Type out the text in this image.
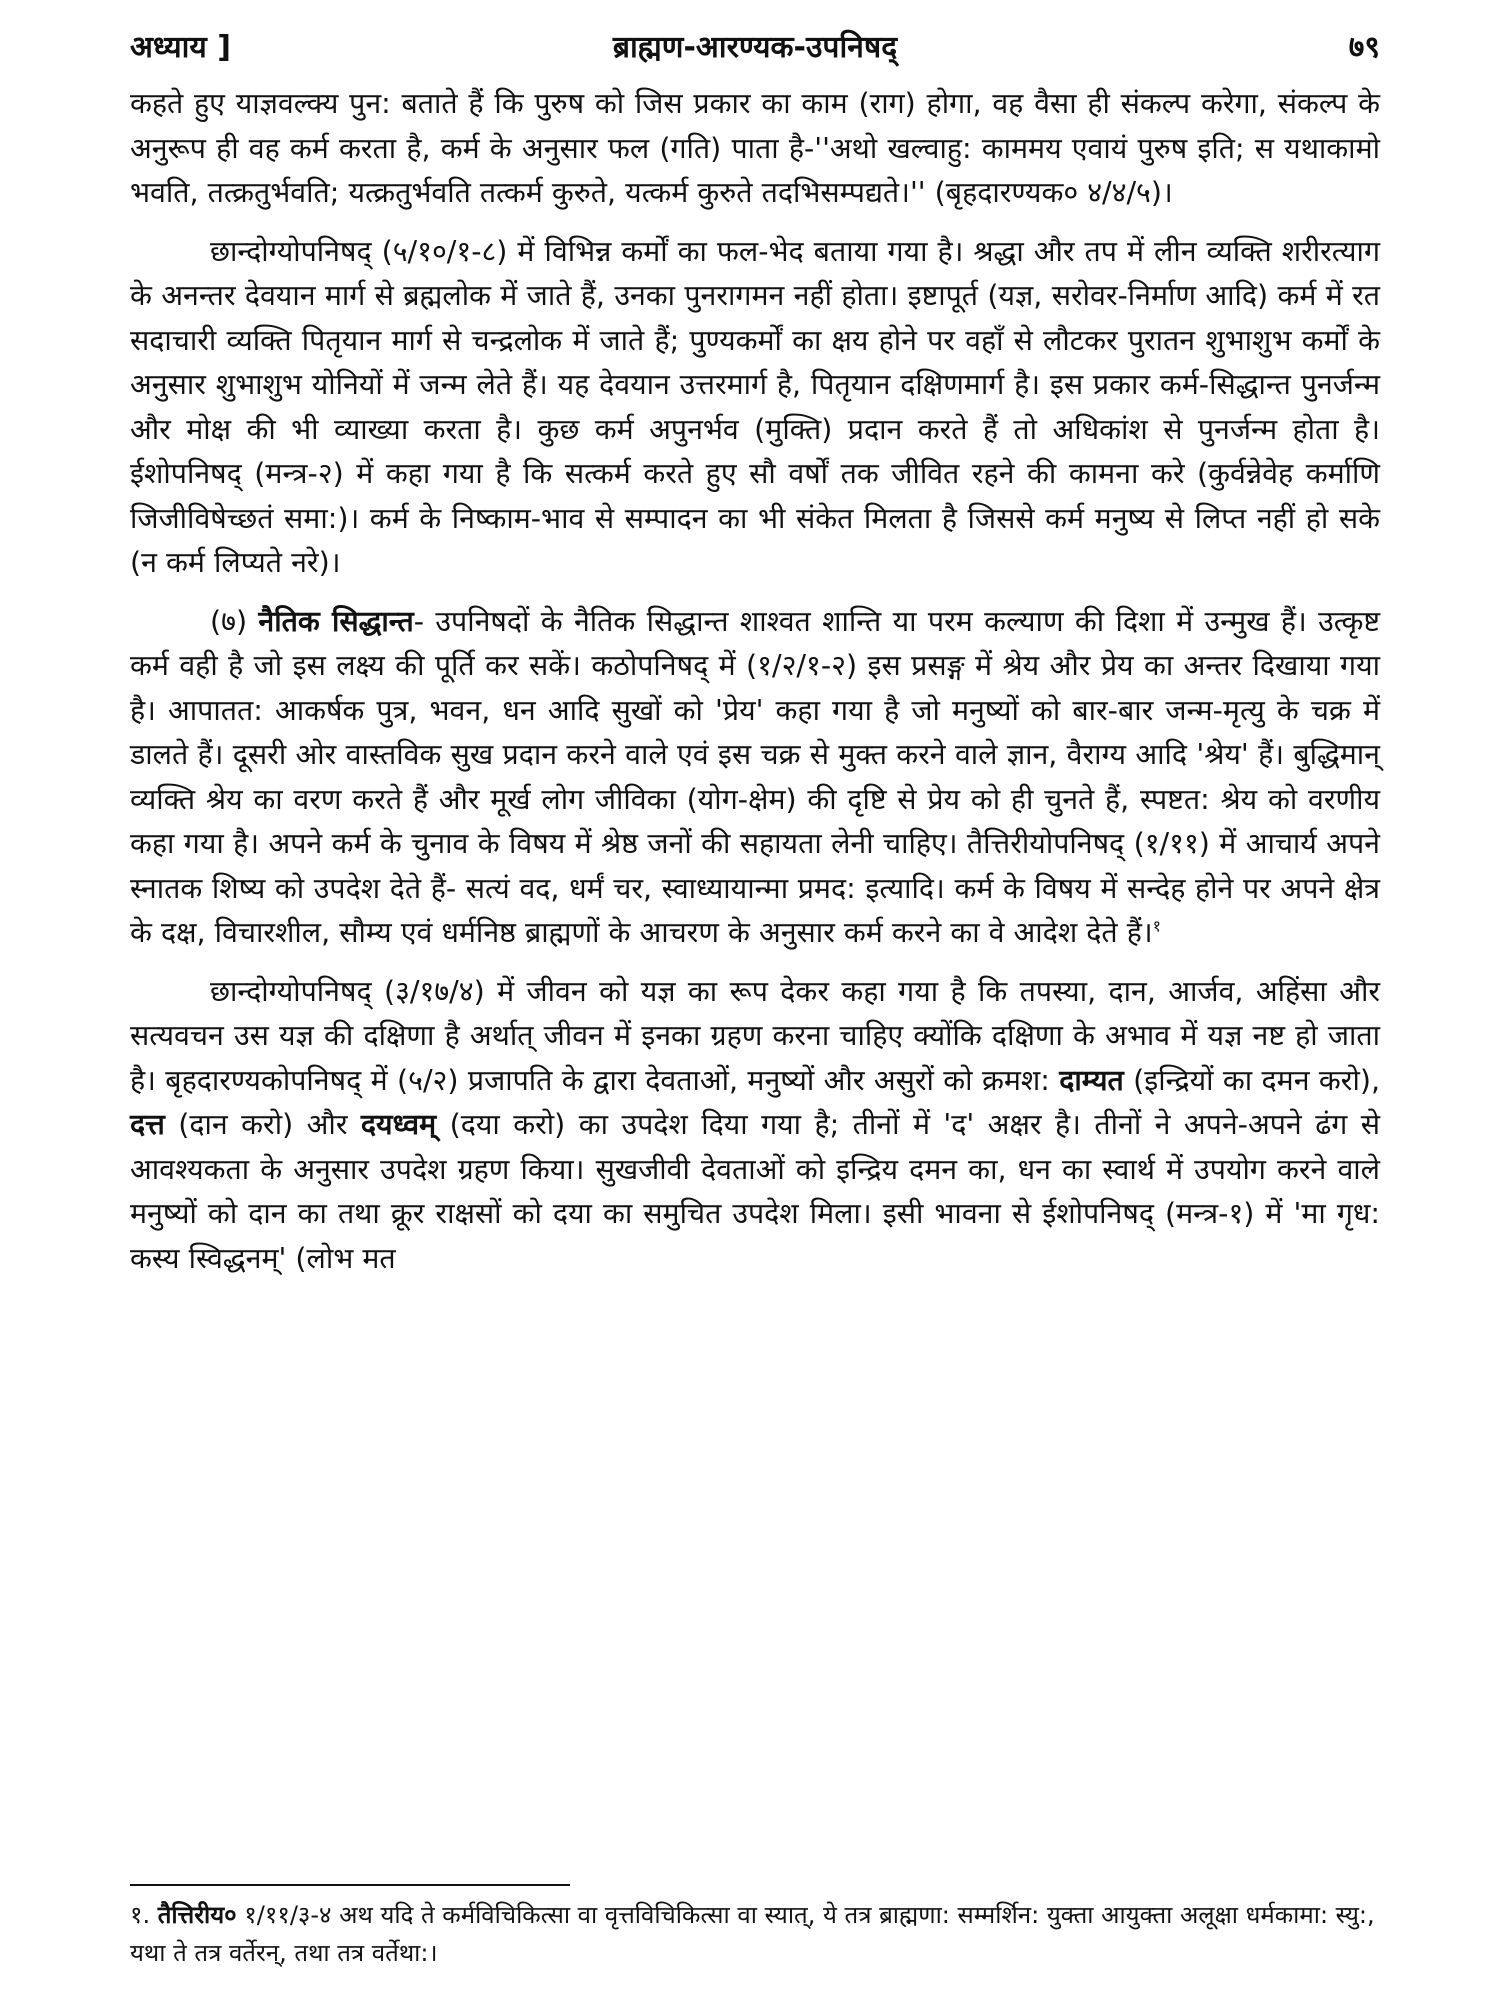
अध्याय ]	ब्राह्मण-आरण्यक-उपनिषद्	७९

कहते हुए याज्ञवल्क्य पुन: बताते हैं कि पुरुष को जिस प्रकार का काम (राग) होगा, वह वैसा ही संकल्प करेगा, संकल्प के अनुरूप ही वह कर्म करता है, कर्म के अनुसार फल (गति) पाता है-''अथो खल्वाहु: काममय एवायं पुरुष इति; स यथाकामो भवति, तत्क्रतुर्भवति; यत्क्रतुर्भवति तत्कर्म कुरुते, यत्कर्म कुरुते तदभिसम्पद्यते।'' (बृहदारण्यक० ४/४/५)।

छान्दोग्योपनिषद् (५/१०/१-८) में विभिन्न कर्मों का फल-भेद बताया गया है। श्रद्धा और तप में लीन व्यक्ति शरीरत्याग के अनन्तर देवयान मार्ग से ब्रह्मलोक में जाते हैं, उनका पुनरागमन नहीं होता। इष्टापूर्त (यज्ञ, सरोवर-निर्माण आदि) कर्म में रत सदाचारी व्यक्ति पितृयान मार्ग से चन्द्रलोक में जाते हैं; पुण्यकर्मों का क्षय होने पर वहाँ से लौटकर पुरातन शुभाशुभ कर्मों के अनुसार शुभाशुभ योनियों में जन्म लेते हैं। यह देवयान उत्तरमार्ग है, पितृयान दक्षिणमार्ग है। इस प्रकार कर्म-सिद्धान्त पुनर्जन्म और मोक्ष की भी व्याख्या करता है। कुछ कर्म अपुनर्भव (मुक्ति) प्रदान करते हैं तो अधिकांश से पुनर्जन्म होता है। ईशोपनिषद् (मन्त्र-२) में कहा गया है कि सत्कर्म करते हुए सौ वर्षों तक जीवित रहने की कामना करे (कुर्वन्नेवेह कर्माणि जिजीविषेच्छतं समा:)। कर्म के निष्काम-भाव से सम्पादन का भी संकेत मिलता है जिससे कर्म मनुष्य से लिप्त नहीं हो सके (न कर्म लिप्यते नरे)।

(७) नैतिक सिद्धान्त- उपनिषदों के नैतिक सिद्धान्त शाश्वत शान्ति या परम कल्याण की दिशा में उन्मुख हैं। उत्कृष्ट कर्म वही है जो इस लक्ष्य की पूर्ति कर सकें। कठोपनिषद् में (१/२/१-२) इस प्रसङ्ग में श्रेय और प्रेय का अन्तर दिखाया गया है। आपातत: आकर्षक पुत्र, भवन, धन आदि सुखों को 'प्रेय' कहा गया है जो मनुष्यों को बार-बार जन्म-मृत्यु के चक्र में डालते हैं। दूसरी ओर वास्तविक सुख प्रदान करने वाले एवं इस चक्र से मुक्त करने वाले ज्ञान, वैराग्य आदि 'श्रेय' हैं। बुद्धिमान् व्यक्ति श्रेय का वरण करते हैं और मूर्ख लोग जीविका (योग-क्षेम) की दृष्टि से प्रेय को ही चुनते हैं, स्पष्टत: श्रेय को वरणीय कहा गया है। अपने कर्म के चुनाव के विषय में श्रेष्ठ जनों की सहायता लेनी चाहिए। तैत्तिरीयोपनिषद् (१/११) में आचार्य अपने स्नातक शिष्य को उपदेश देते हैं- सत्यं वद, धर्मं चर, स्वाध्यायान्मा प्रमद: इत्यादि। कर्म के विषय में सन्देह होने पर अपने क्षेत्र के दक्ष, विचारशील, सौम्य एवं धर्मनिष्ठ ब्राह्मणों के आचरण के अनुसार कर्म करने का वे आदेश देते हैं।$^१$

छान्दोग्योपनिषद् (३/१७/४) में जीवन को यज्ञ का रूप देकर कहा गया है कि तपस्या, दान, आर्जव, अहिंसा और सत्यवचन उस यज्ञ की दक्षिणा है अर्थात् जीवन में इनका ग्रहण करना चाहिए क्योंकि दक्षिणा के अभाव में यज्ञ नष्ट हो जाता है। बृहदारण्यकोपनिषद् में (५/२) प्रजापति के द्वारा देवताओं, मनुष्यों और असुरों को क्रमश: दाम्यत (इन्द्रियों का दमन करो), दत्त (दान करो) और दयध्वम् (दया करो) का उपदेश दिया गया है; तीनों में 'द' अक्षर है। तीनों ने अपने-अपने ढंग से आवश्यकता के अनुसार उपदेश ग्रहण किया। सुखजीवी देवताओं को इन्द्रिय दमन का, धन का स्वार्थ में उपयोग करने वाले मनुष्यों को दान का तथा क्रूर राक्षसों को दया का समुचित उपदेश मिला। इसी भावना से ईशोपनिषद् (मन्त्र-१) में 'मा गृध: कस्य स्विद्धनम्' (लोभ मत

१. तैत्तिरीय० १/११/३-४ अथ यदि ते कर्मविचिकित्सा वा वृत्तविचिकित्सा वा स्यात्, ये तत्र ब्राह्मणा: सम्मर्शिन: युक्ता आयुक्ता अलूक्षा धर्मकामा: स्यु:, यथा ते तत्र वर्तेरन्, तथा तत्र वर्तेथा:।
